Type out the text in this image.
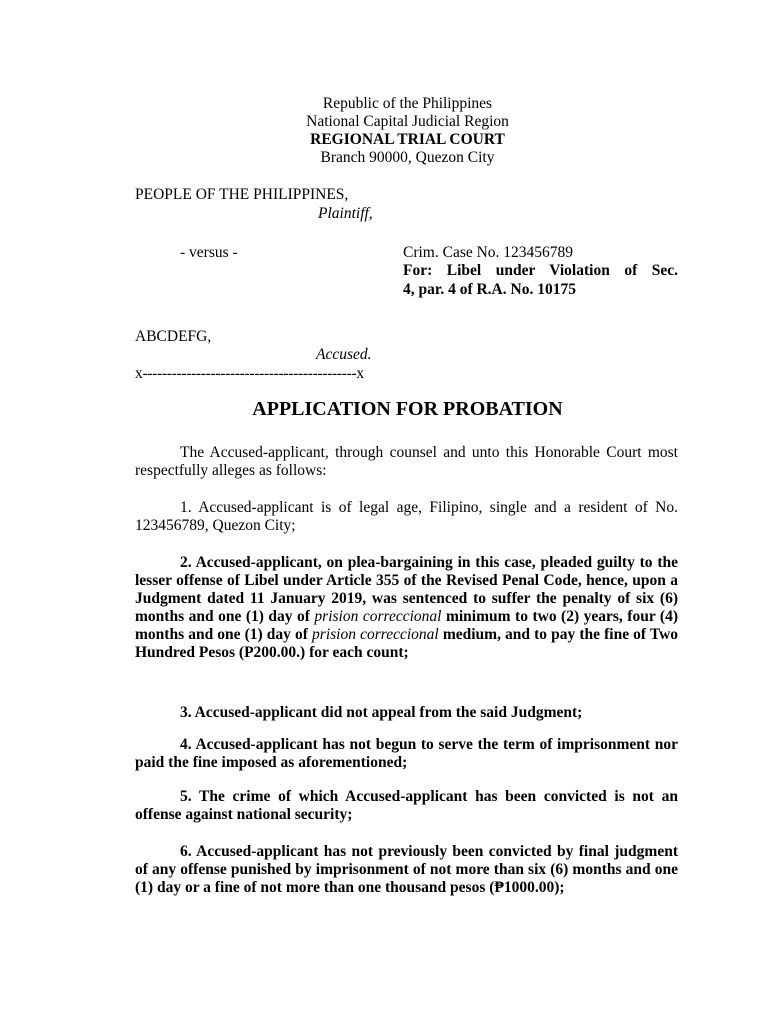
Republic of the Philippines
National Capital Judicial Region
REGIONAL TRIAL COURT
Branch 90000, Quezon City
PEOPLE OF THE PHILIPPINES,
Plaintiff,
- versus -	Crim. Case No. 123456789
For: Libel under Violation of Sec.
4, par. 4 of R.A. No. 10175
ABCDEFG,
Accused.
x--------------------------------------------x
APPLICATION FOR PROBATION
The Accused-applicant, through counsel and unto this Honorable Court most respectfully alleges as follows:
1. Accused-applicant is of legal age, Filipino, single and a resident of No. 123456789, Quezon City;
2. Accused-applicant, on plea-bargaining in this case, pleaded guilty to the lesser offense of Libel under Article 355 of the Revised Penal Code, hence, upon a Judgment dated 11 January 2019, was sentenced to suffer the penalty of six (6) months and one (1) day of prision correccional minimum to two (2) years, four (4) months and one (1) day of prision correccional medium, and to pay the fine of Two Hundred Pesos (P200.00.) for each count;
3. Accused-applicant did not appeal from the said Judgment;
4. Accused-applicant has not begun to serve the term of imprisonment nor paid the fine imposed as aforementioned;
5. The crime of which Accused-applicant has been convicted is not an offense against national security;
6. Accused-applicant has not previously been convicted by final judgment of any offense punished by imprisonment of not more than six (6) months and one (1) day or a fine of not more than one thousand pesos (₱1000.00);
